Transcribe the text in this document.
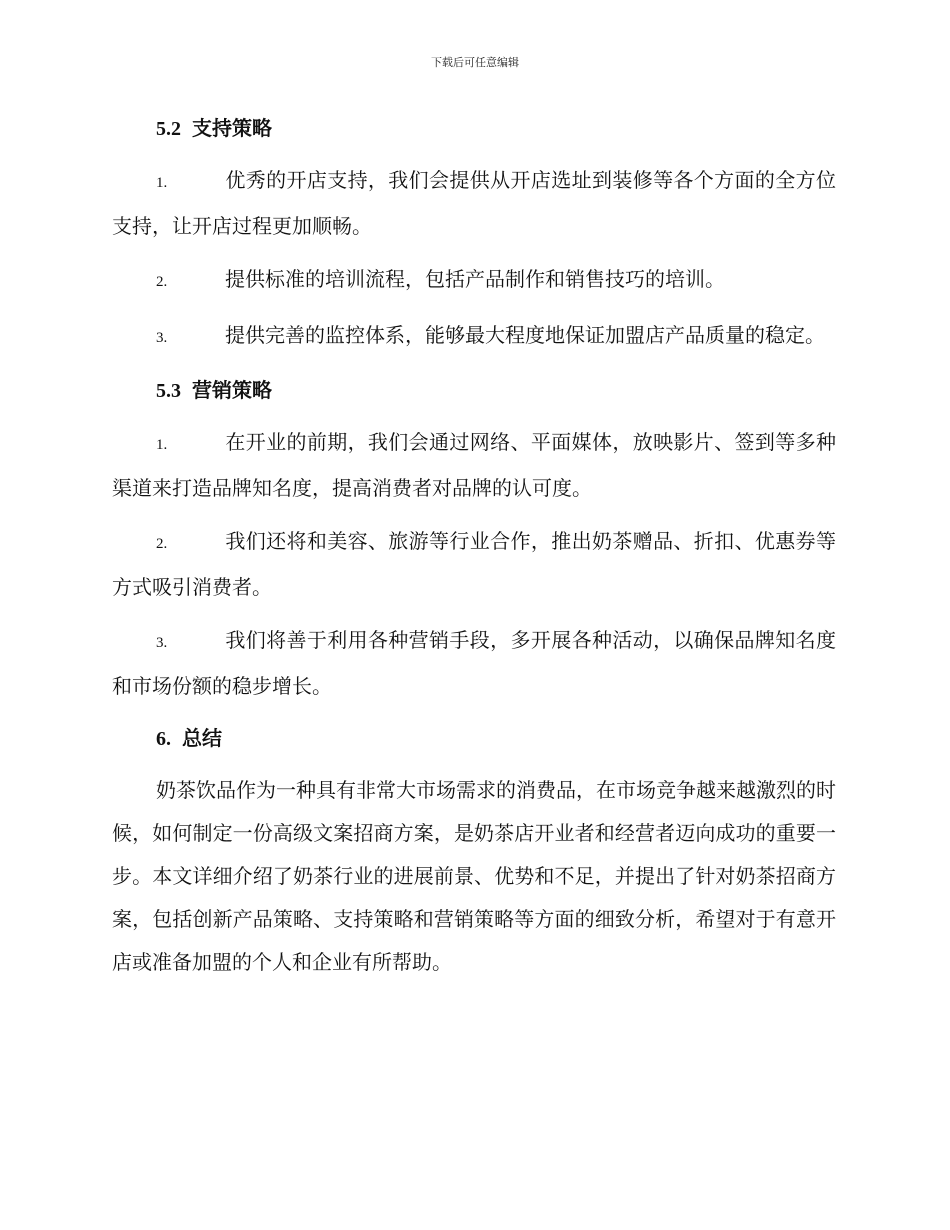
下载后可任意编辑
5.2 支持策略
1.	优秀的开店支持，我们会提供从开店选址到装修等各个方面的全方位支持，让开店过程更加顺畅。
2.	提供标准的培训流程，包括产品制作和销售技巧的培训。
3.	提供完善的监控体系，能够最大程度地保证加盟店产品质量的稳定。
5.3 营销策略
1.	在开业的前期，我们会通过网络、平面媒体，放映影片、签到等多种渠道来打造品牌知名度，提高消费者对品牌的认可度。
2.	我们还将和美容、旅游等行业合作，推出奶茶赠品、折扣、优惠券等方式吸引消费者。
3.	我们将善于利用各种营销手段，多开展各种活动，以确保品牌知名度和市场份额的稳步增长。
6. 总结

奶茶饮品作为一种具有非常大市场需求的消费品，在市场竞争越来越激烈的时候，如何制定一份高级文案招商方案，是奶茶店开业者和经营者迈向成功的重要一步。本文详细介绍了奶茶行业的进展前景、优势和不足，并提出了针对奶茶招商方案，包括创新产品策略、支持策略和营销策略等方面的细致分析，希望对于有意开店或准备加盟的个人和企业有所帮助。
